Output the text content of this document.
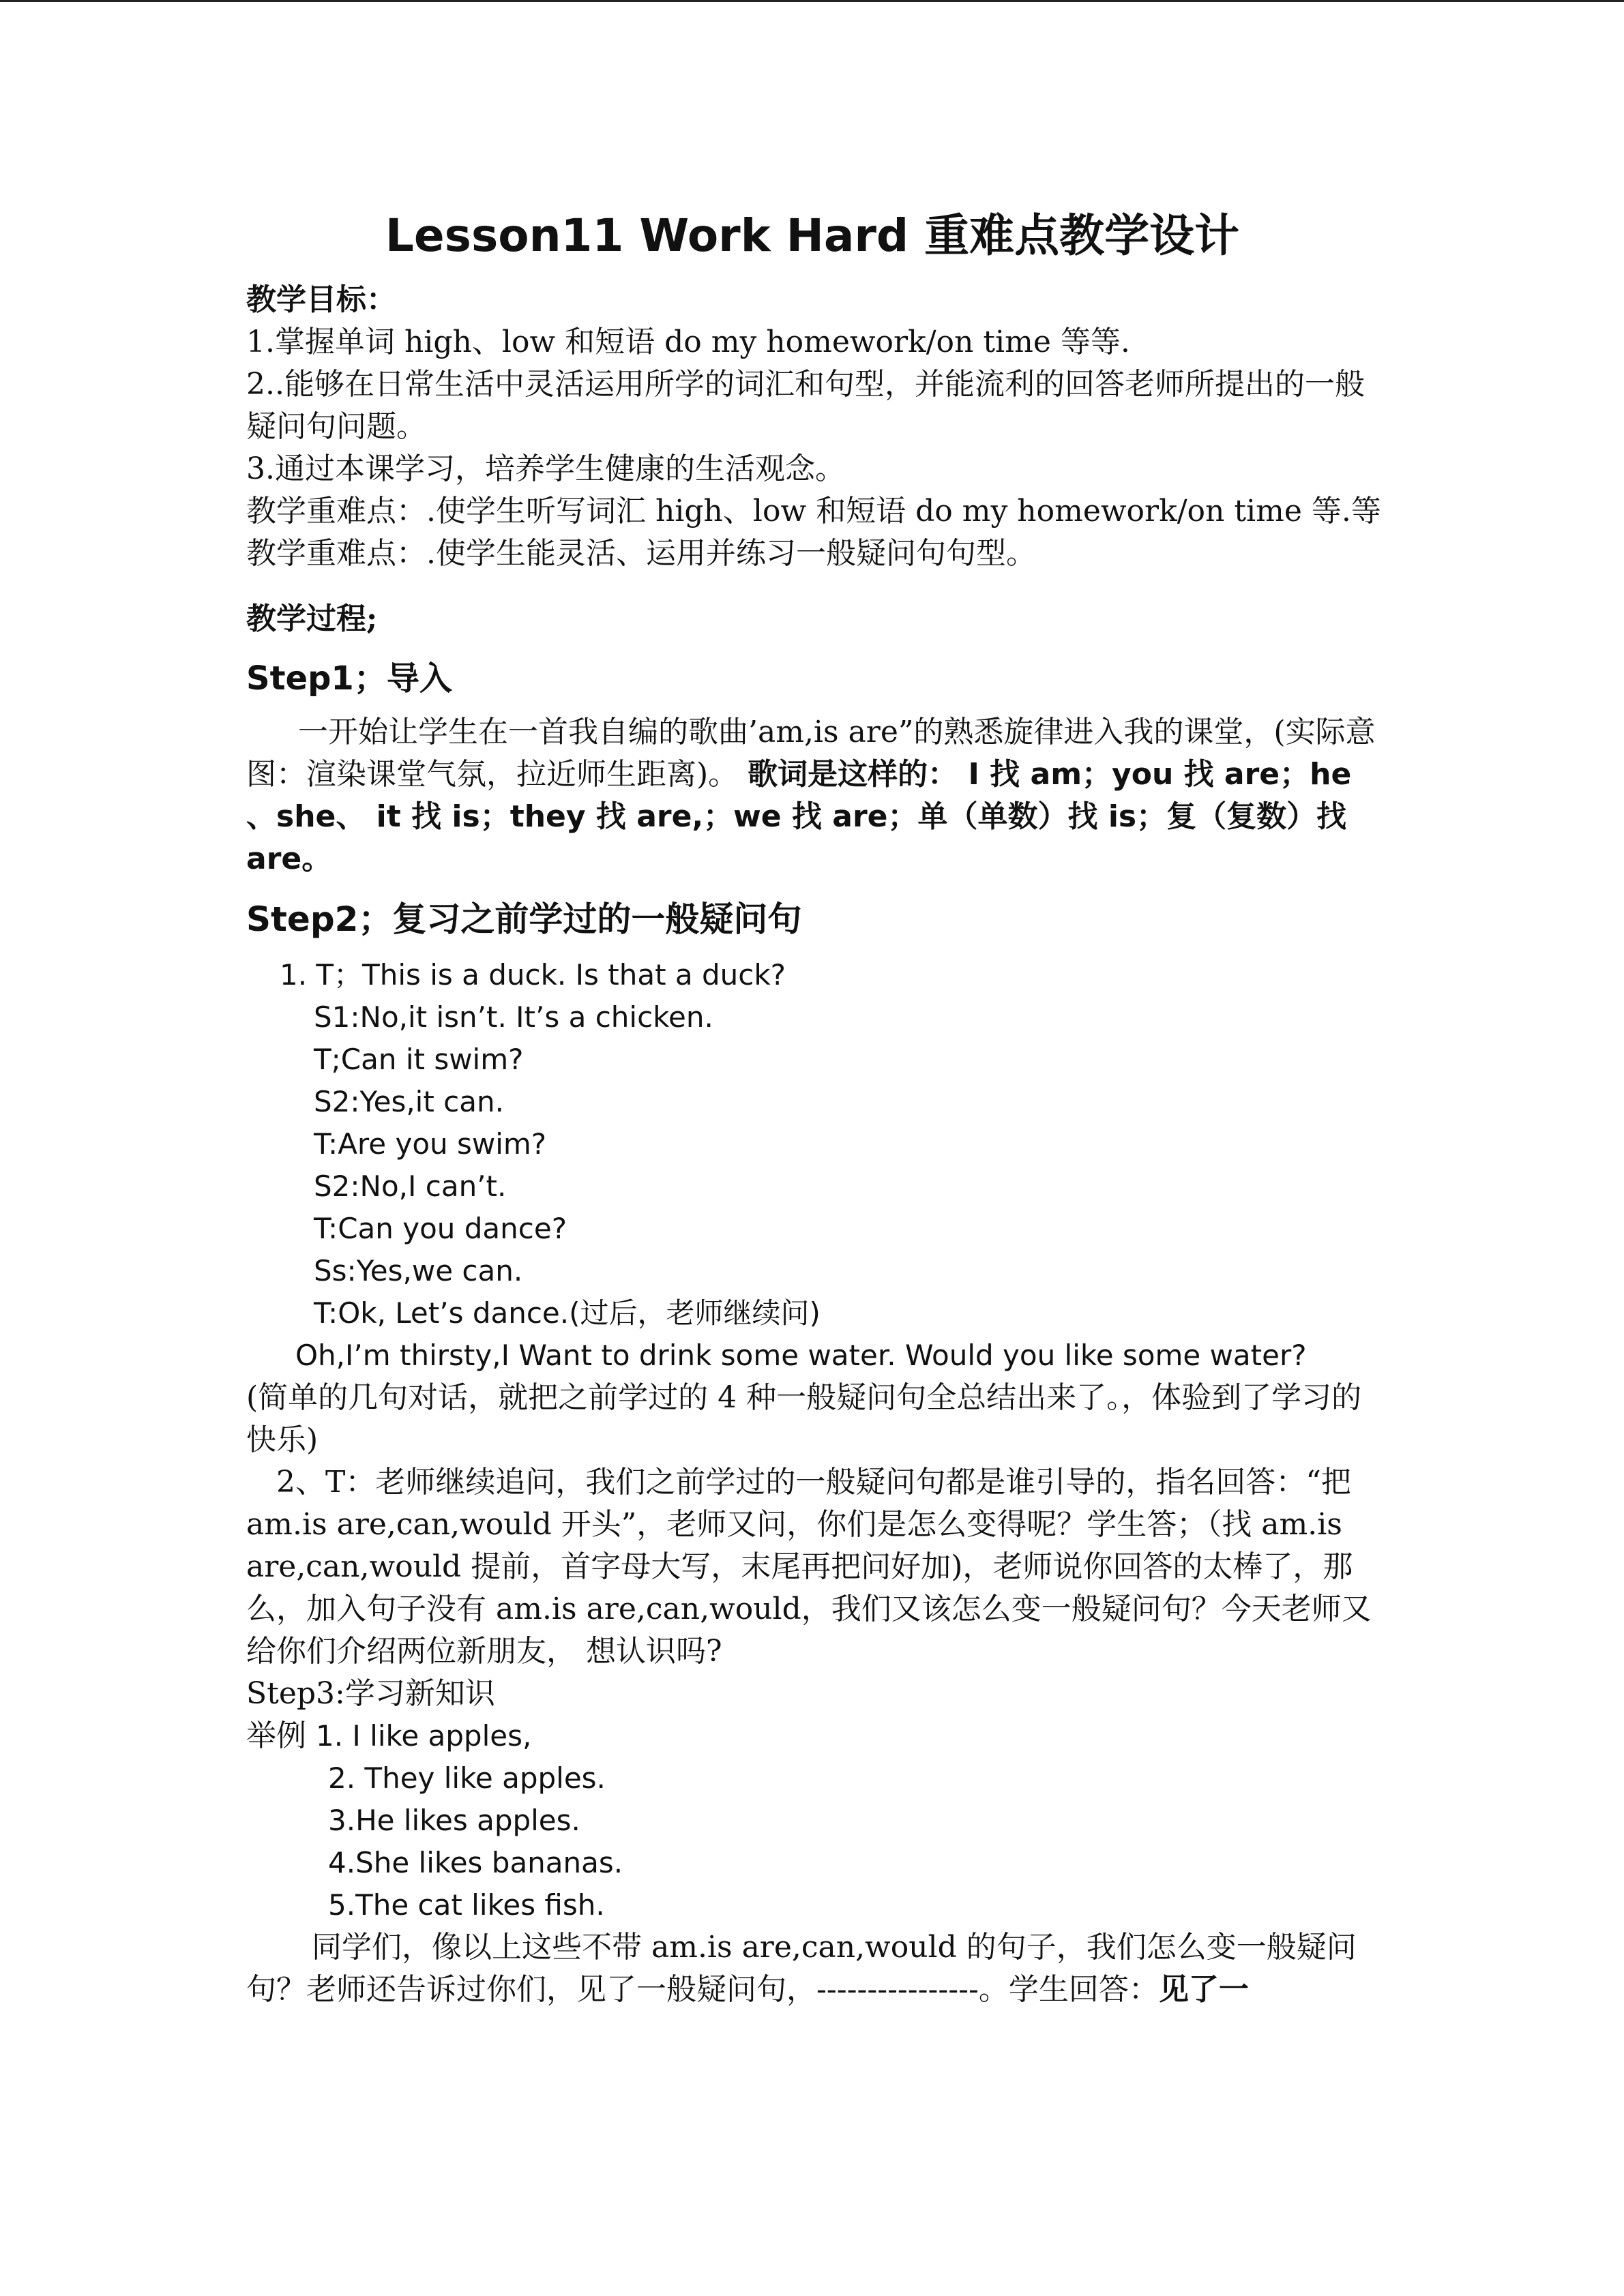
Lesson11 Work Hard 重难点教学设计

教学目标：

1.掌握单词 high、low 和短语 do my homework/on time 等等.

2..能够在日常生活中灵活运用所学的词汇和句型，并能流利的回答老师所提出的一般疑问句问题。

3.通过本课学习，培养学生健康的生活观念。

教学重难点：.使学生听写词汇 high、low 和短语 do my homework/on time 等.等

教学重难点：.使学生能灵活、运用并练习一般疑问句句型。

教学过程;

Step1；导入

一开始让学生在一首我自编的歌曲’am,is are”的熟悉旋律进入我的课堂，(实际意图：渲染课堂气氛，拉近师生距离)。 歌词是这样的： I 找 am；you 找 are；he 、she、 it 找 is；they 找 are,；we 找 are；单（单数）找 is；复（复数）找 are。

Step2；复习之前学过的一般疑问句

1. T；This is a duck. Is that a duck?

S1:No,it isn’t. It’s a chicken.

T;Can it swim?

S2:Yes,it can.

T:Are you swim?

S2:No,I can’t.

T:Can you dance?

Ss:Yes,we can.

T:Ok, Let’s dance.(过后，老师继续问)

Oh,I’m thirsty,I Want to drink some water. Would you like some water?

(简单的几句对话，就把之前学过的 4 种一般疑问句全总结出来了。，体验到了学习的快乐)

2、T：老师继续追问，我们之前学过的一般疑问句都是谁引导的，指名回答：“把 am.is are,can,would 开头”，老师又问，你们是怎么变得呢？学生答；（找 am.is are,can,would 提前，首字母大写，末尾再把问好加)，老师说你回答的太棒了，那么，加入句子没有 am.is are,can,would，我们又该怎么变一般疑问句？今天老师又给你们介绍两位新朋友， 想认识吗?

Step3:学习新知识

举例 1. I like apples,

2. They like apples.

3.He likes apples.

4.She likes bananas.

5.The cat likes fish.

同学们，像以上这些不带 am.is are,can,would 的句子，我们怎么变一般疑问句？老师还告诉过你们，见了一般疑问句，----------------。学生回答：见了一
